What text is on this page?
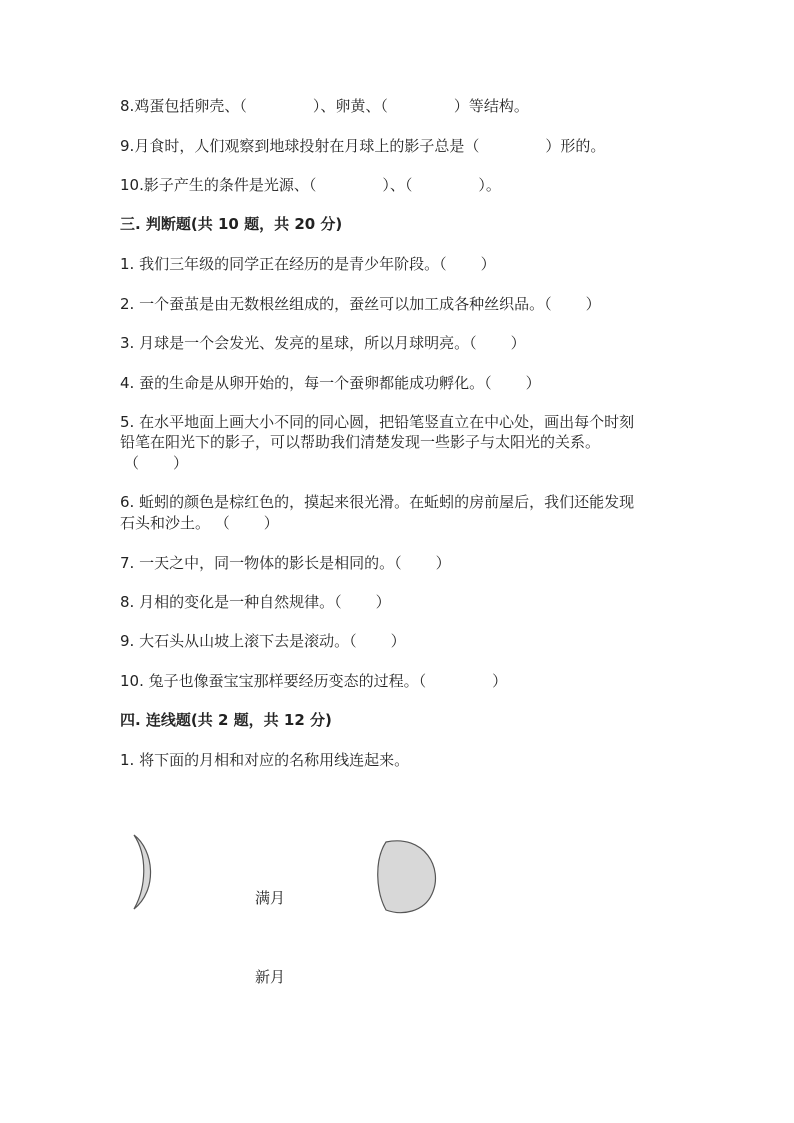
8.鸡蛋包括卵壳、（	）、卵黄、（	）等结构。
9.月食时，人们观察到地球投射在月球上的影子总是（	）形的。
10.影子产生的条件是光源、（	）、（	）。
三. 判断题(共 10 题，共 20 分)
1. 我们三年级的同学正在经历的是青少年阶段。（ ）
2. 一个蚕茧是由无数根丝组成的，蚕丝可以加工成各种丝织品。（ ）
3. 月球是一个会发光、发亮的星球，所以月球明亮。（ ）
4. 蚕的生命是从卵开始的，每一个蚕卵都能成功孵化。（ ）
5. 在水平地面上画大小不同的同心圆，把铅笔竖直立在中心处，画出每个时刻
铅笔在阳光下的影子，可以帮助我们清楚发现一些影子与太阳光的关系。
（ ）
6. 蚯蚓的颜色是棕红色的，摸起来很光滑。在蚯蚓的房前屋后，我们还能发现
石头和沙土。 （ ）
7. 一天之中，同一物体的影长是相同的。（ ）
8. 月相的变化是一种自然规律。（ ）
9. 大石头从山坡上滚下去是滚动。（ ）
10. 兔子也像蚕宝宝那样要经历变态的过程。（	）
四. 连线题(共 2 题，共 12 分)
1. 将下面的月相和对应的名称用线连起来。
满月
新月
